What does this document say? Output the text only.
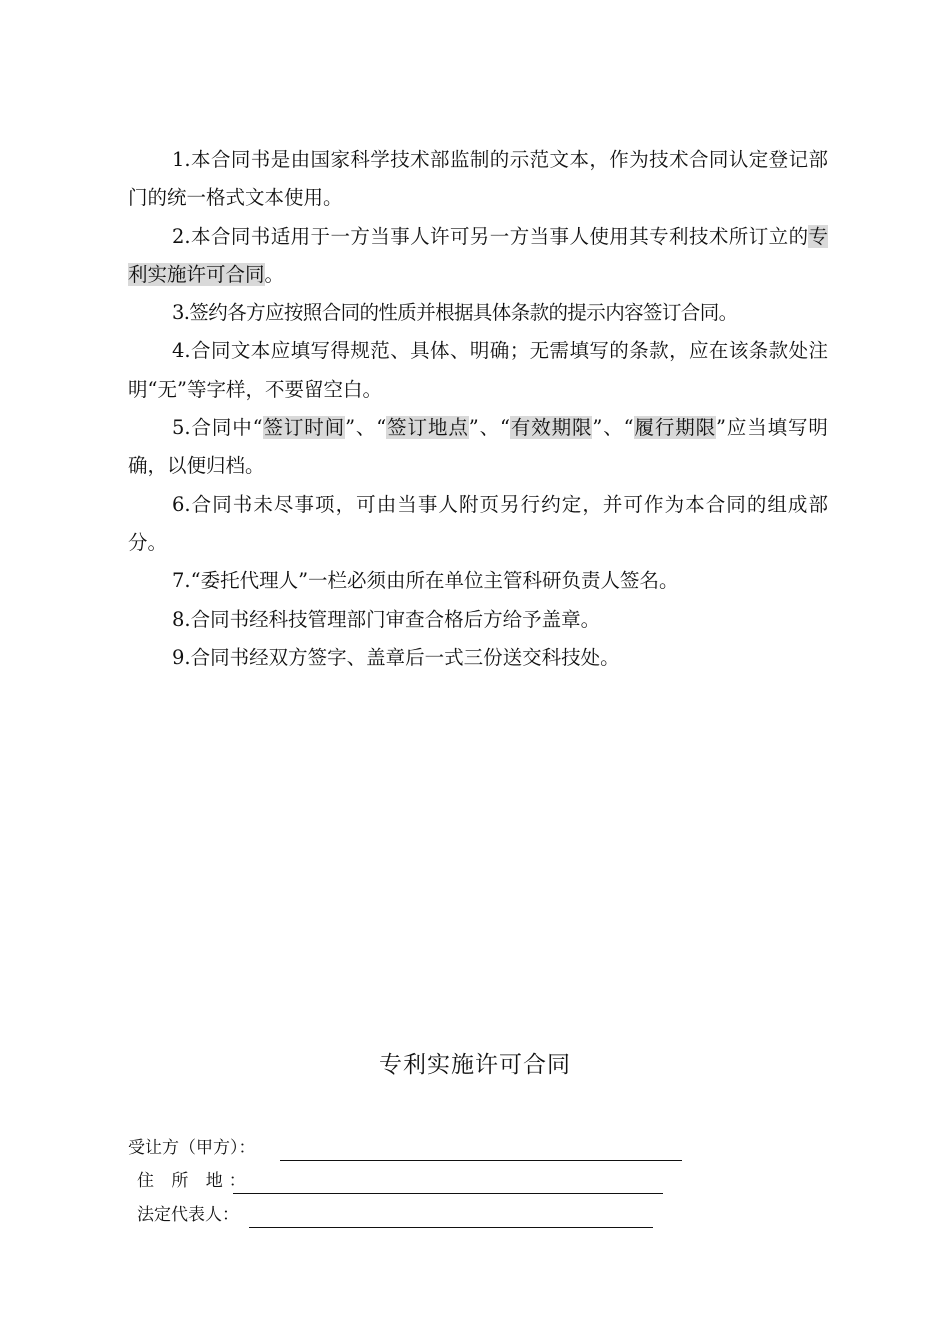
1.本合同书是由国家科学技术部监制的示范文本，作为技术合同认定登记部门的统一格式文本使用。

2.本合同书适用于一方当事人许可另一方当事人使用其专利技术所订立的专利实施许可合同。

3.签约各方应按照合同的性质并根据具体条款的提示内容签订合同。

4.合同文本应填写得规范、具体、明确；无需填写的条款，应在该条款处注明“无”等字样，不要留空白。

5.合同中“签订时间”、“签订地点”、“有效期限”、“履行期限”应当填写明确，以便归档。

6.合同书未尽事项，可由当事人附页另行约定，并可作为本合同的组成部分。

7.“委托代理人”一栏必须由所在单位主管科研负责人签名。

8.合同书经科技管理部门审查合格后方给予盖章。

9.合同书经双方签字、盖章后一式三份送交科技处。

专利实施许可合同
受让方（甲方）：
住 所 地：
法定代表人：
